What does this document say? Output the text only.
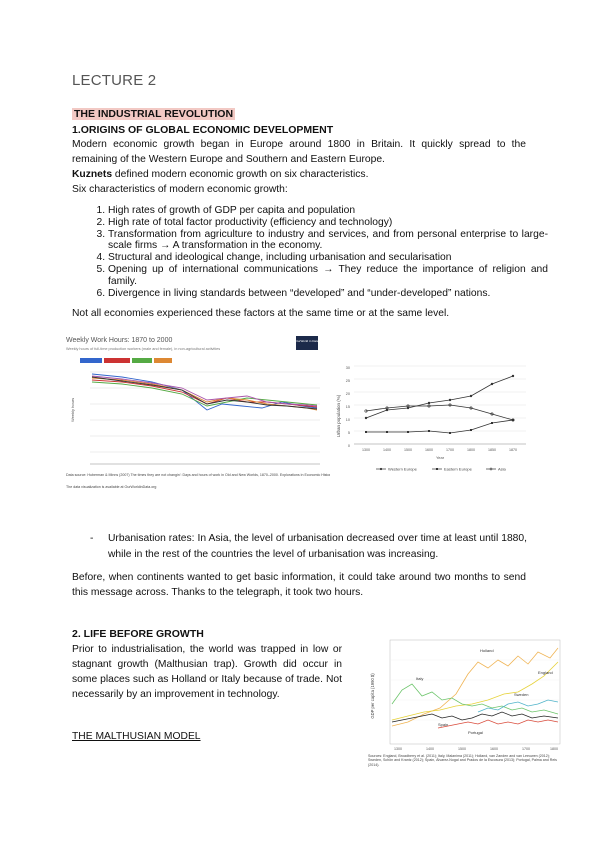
LECTURE 2
THE INDUSTRIAL REVOLUTION
1.ORIGINS OF GLOBAL ECONOMIC DEVELOPMENT
Modern economic growth began in Europe around 1800 in Britain. It quickly spread to the remaining of the Western Europe and Southern and Eastern Europe.
Kuznets defined modern economic growth on six characteristics.
Six characteristics of modern economic growth:
1. High rates of growth of GDP per capita and population
2. High rate of total factor productivity (efficiency and technology)
3. Transformation from agriculture to industry and services, and from personal enterprise to large-scale firms → A transformation in the economy.
4. Structural and ideological change, including urbanisation and secularisation
5. Opening up of international communications → They reduce the importance of religion and family.
6. Divergence in living standards between “developed” and “under-developed” nations.
Not all economies experienced these factors at the same time or at the same level.
Weekly Work Hours: 1870 to 2000
Weekly hours of full-time production workers (male and female), in non-agricultural activities
OurWorld in Data
Weekly hours
Data source: Huberman & Minns (2007) The times they are not changin': Days and hours of work in Old and New Worlds, 1870–2000. Explorations in Economic History.
The data visualization is available at OurWorldinData.org
Urban population (%)
0
5
10
15
20
25
30
1300	1400	1500	1600	1700	1800	1850	1870
Year
Western Europe	Eastern Europe	Asia
- Urbanisation rates: In Asia, the level of urbanisation decreased over time at least until 1880, while in the rest of the countries the level of urbanisation was increasing.
Before, when continents wanted to get basic information, it could take around two months to send this message across. Thanks to the telegraph, it took two hours.
2. LIFE BEFORE GROWTH
Prior to industrialisation, the world was trapped in low or stagnant growth (Malthusian trap). Growth did occur in some places such as Holland or Italy because of trade. Not necessarily by an improvement in technology.
THE MALTHUSIAN MODEL
GDP per capita (1990 $)
1300	1400	1500	1600	1700	1800
Holland
England
Italy
Sweden
Spain
Portugal
Sources: England, Broadberry et al. (2011); Italy, Malanima (2011); Holland, van Zanden and van Leeuwen (2012); Sweden, Schön and Krantz (2012); Spain, Álvarez-Nogal and Prados de la Escosura (2013); Portugal, Palma and Reis (2014).
